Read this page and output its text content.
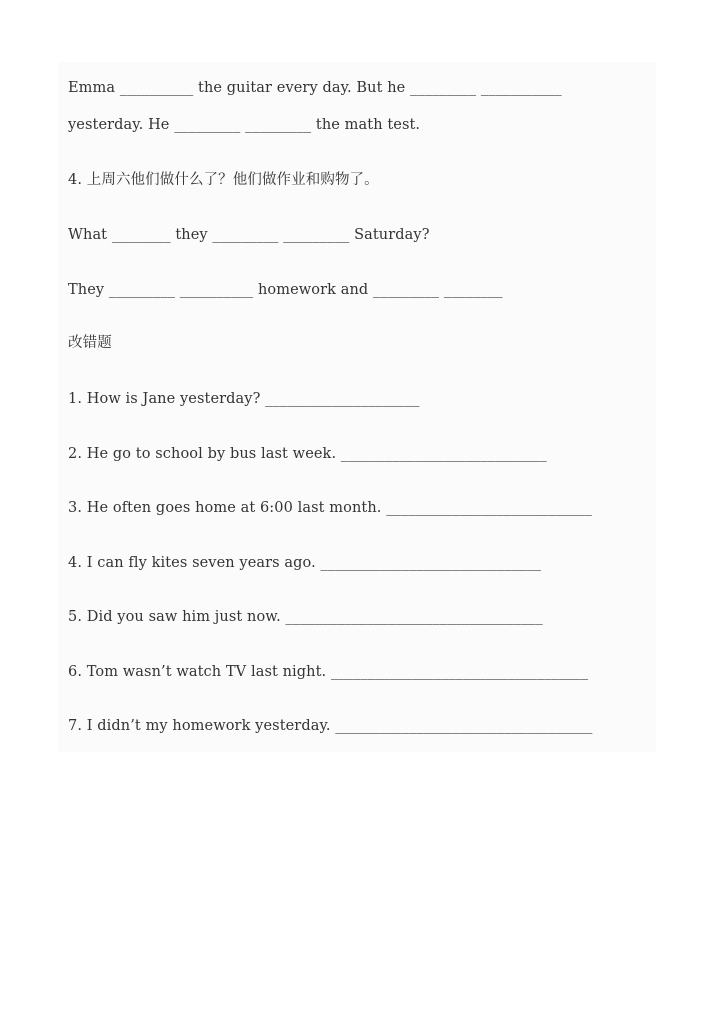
Emma __________ the guitar every day. But he _________ ___________
yesterday. He _________ _________ the math test.
4. 上周六他们做什么了？他们做作业和购物了。
What ________ they _________ _________ Saturday?
They _________ __________ homework and _________ ________
改错题
1. How is Jane yesterday? _____________________
2. He go to school by bus last week. ____________________________
3. He often goes home at 6:00 last month. ____________________________
4. I can fly kites seven years ago. ______________________________
5. Did you saw him just now. ___________________________________
6. Tom wasn’t watch TV last night. ___________________________________
7. I didn’t my homework yesterday. ___________________________________
